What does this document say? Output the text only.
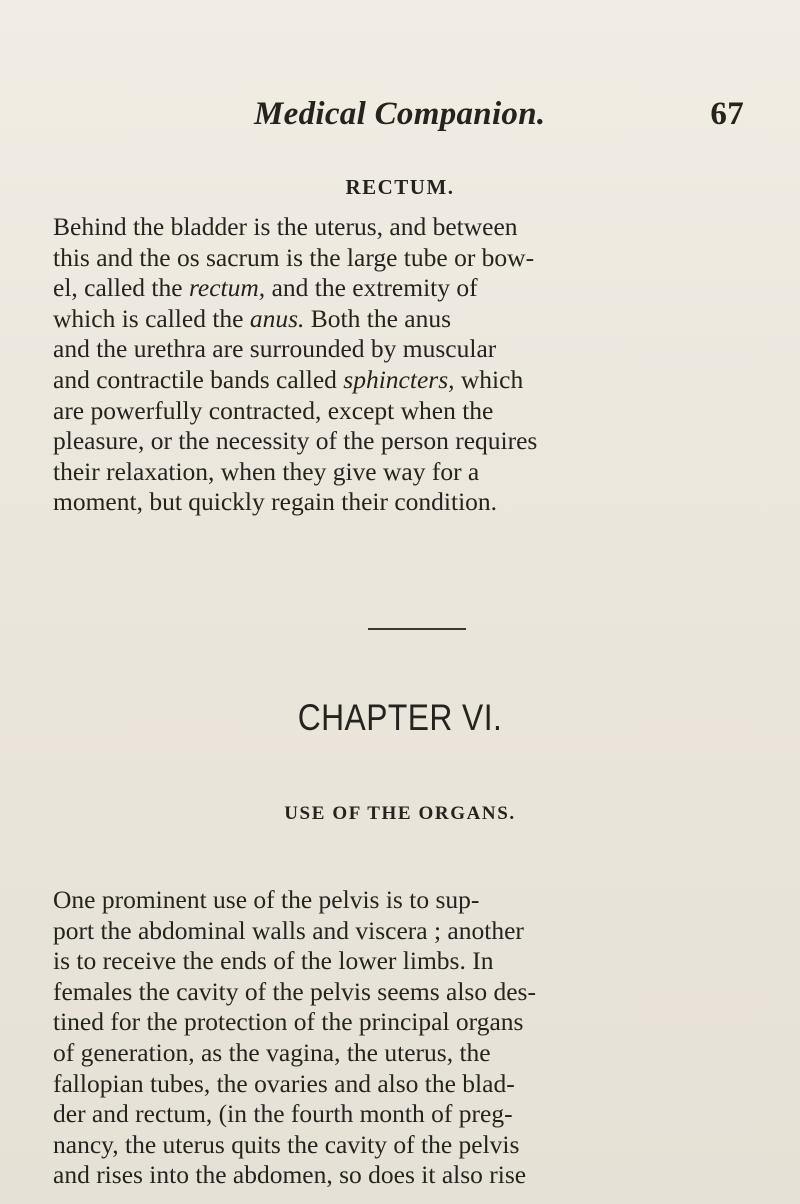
Medical Companion.	67
RECTUM.

Behind the bladder is the uterus, and between
this and the os sacrum is the large tube or bow-
el, called the rectum, and the extremity of
which is called the anus. Both the anus
and the urethra are surrounded by muscular
and contractile bands called sphincters, which
are powerfully contracted, except when the
pleasure, or the necessity of the person requires
their relaxation, when they give way for a
moment, but quickly regain their condition.

CHAPTER VI.
USE OF THE ORGANS.

One prominent use of the pelvis is to sup-
port the abdominal walls and viscera ; another
is to receive the ends of the lower limbs. In
females the cavity of the pelvis seems also des-
tined for the protection of the principal organs
of generation, as the vagina, the uterus, the
fallopian tubes, the ovaries and also the blad-
der and rectum, (in the fourth month of preg-
nancy, the uterus quits the cavity of the pelvis
and rises into the abdomen, so does it also rise
